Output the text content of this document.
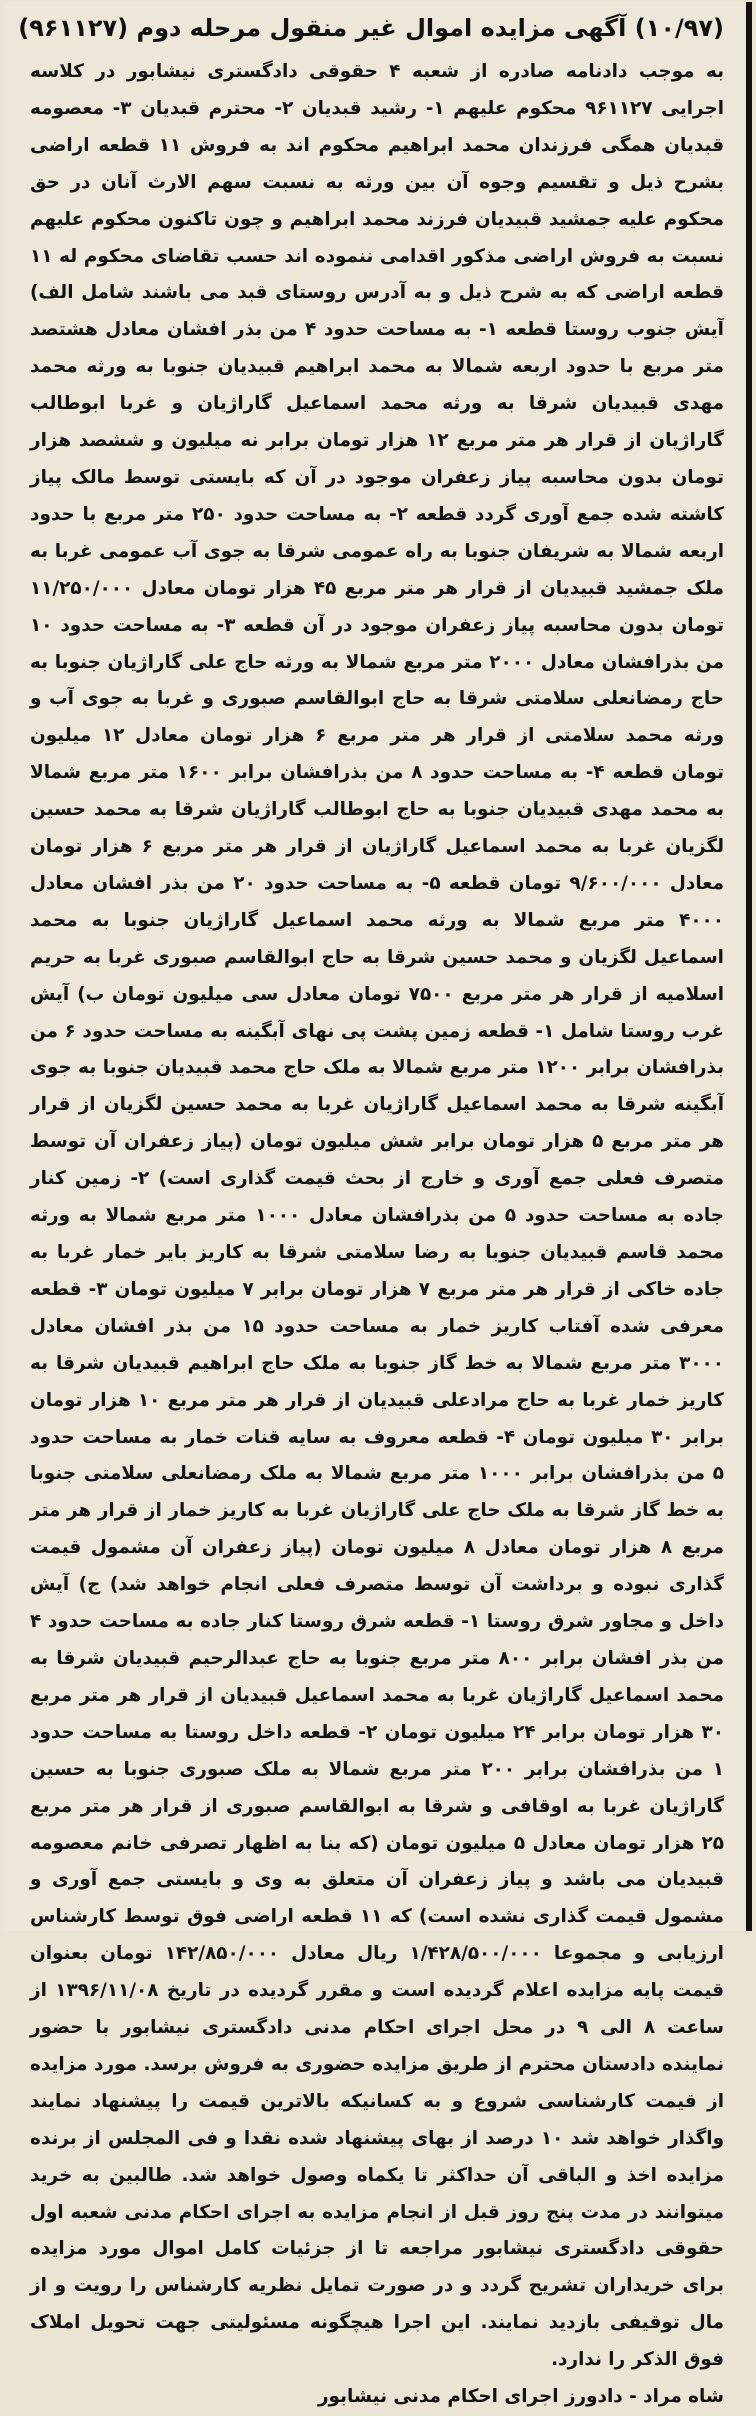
(۱۰/۹۷) آگهی مزایده اموال غیر منقول مرحله دوم (۹۶۱۱۲۷)

به موجب دادنامه صادره از شعبه ۴ حقوقی دادگستری نیشابور در کلاسه اجرایی ۹۶۱۱۲۷ محکوم علیهم ۱- رشید قبدیان ۲- محترم قبدیان ۳- معصومه قبدیان همگی فرزندان محمد ابراهیم محکوم اند به فروش ۱۱ قطعه اراضی بشرح ذیل و تقسیم وجوه آن بین ورثه به نسبت سهم الارث آنان در حق محکوم علیه جمشید قبیدیان فرزند محمد ابراهیم و چون تاکنون محکوم علیهم نسبت به فروش اراضی مذکور اقدامی ننموده اند حسب تقاضای محکوم له ۱۱ قطعه اراضی که به شرح ذیل و به آدرس روستای قبد می باشند شامل الف) آیش جنوب روستا قطعه ۱- به مساحت حدود ۴ من بذر افشان معادل هشتصد متر مربع با حدود اربعه شمالا به محمد ابراهیم قبیدیان جنوبا به ورثه محمد مهدی قبیدیان شرقا به ورثه محمد اسماعیل گاراژیان و غربا ابوطالب گاراژیان از قرار هر متر مربع ۱۲ هزار تومان برابر نه میلیون و ششصد هزار تومان بدون محاسبه پیاز زعفران موجود در آن که بایستی توسط مالک پیاز کاشته شده جمع آوری گردد قطعه ۲- به مساحت حدود ۲۵۰ متر مربع با حدود اربعه شمالا به شریفان جنوبا به راه عمومی شرقا به جوی آب عمومی غربا به ملک جمشید قبیدیان از قرار هر متر مربع ۴۵ هزار تومان معادل ۱۱/۲۵۰/۰۰۰ تومان بدون محاسبه پیاز زعفران موجود در آن قطعه ۳- به مساحت حدود ۱۰ من بذرافشان معادل ۲۰۰۰ متر مربع شمالا به ورثه حاج علی گاراژیان جنوبا به حاج رمضانعلی سلامتی شرقا به حاج ابوالقاسم صبوری و غربا به جوی آب و ورثه محمد سلامتی از قرار هر متر مربع ۶ هزار تومان معادل ۱۲ میلیون تومان قطعه ۴- به مساحت حدود ۸ من بذرافشان برابر ۱۶۰۰ متر مربع شمالا به محمد مهدی قبیدیان جنوبا به حاج ابوطالب گاراژیان شرقا به محمد حسین لگزیان غربا به محمد اسماعیل گاراژیان از قرار هر متر مربع ۶ هزار تومان معادل ۹/۶۰۰/۰۰۰ تومان قطعه ۵- به مساحت حدود ۲۰ من بذر افشان معادل ۴۰۰۰ متر مربع شمالا به ورثه محمد اسماعیل گاراژیان جنوبا به محمد اسماعیل لگزیان و محمد حسین شرقا به حاج ابوالقاسم صبوری غربا به حریم اسلامیه از قرار هر متر مربع ۷۵۰۰ تومان معادل سی میلیون تومان ب) آیش غرب روستا شامل ۱- قطعه زمین پشت پی نهای آبگینه به مساحت حدود ۶ من بذرافشان برابر ۱۲۰۰ متر مربع شمالا به ملک حاج محمد قبیدیان جنوبا به جوی آبگینه شرقا به محمد اسماعیل گاراژیان غربا به محمد حسین لگزیان از قرار هر متر مربع ۵ هزار تومان برابر شش میلیون تومان (پیاز زعفران آن توسط متصرف فعلی جمع آوری و خارج از بحث قیمت گذاری است) ۲- زمین کنار جاده به مساحت حدود ۵ من بذرافشان معادل ۱۰۰۰ متر مربع شمالا به ورثه محمد قاسم قبیدیان جنوبا به رضا سلامتی شرقا به کاریز بایر خمار غربا به جاده خاکی از قرار هر متر مربع ۷ هزار تومان برابر ۷ میلیون تومان ۳- قطعه معرفی شده آفتاب کاریز خمار به مساحت حدود ۱۵ من بذر افشان معادل ۳۰۰۰ متر مربع شمالا به خط گاز جنوبا به ملک حاج ابراهیم قبیدیان شرقا به کاریز خمار غربا به حاج مرادعلی قبیدیان از قرار هر متر مربع ۱۰ هزار تومان برابر ۳۰ میلیون تومان ۴- قطعه معروف به سایه قنات خمار به مساحت حدود ۵ من بذرافشان برابر ۱۰۰۰ متر مربع شمالا به ملک رمضانعلی سلامتی جنوبا به خط گاز شرقا به ملک حاج علی گاراژیان غربا به کاریز خمار از قرار هر متر مربع ۸ هزار تومان معادل ۸ میلیون تومان (پیاز زعفران آن مشمول قیمت گذاری نبوده و برداشت آن توسط متصرف فعلی انجام خواهد شد) ج) آیش داخل و مجاور شرق روستا ۱- قطعه شرق روستا کنار جاده به مساحت حدود ۴ من بذر افشان برابر ۸۰۰ متر مربع جنوبا به حاج عبدالرحیم قبیدیان شرقا به محمد اسماعیل گاراژیان غربا به محمد اسماعیل قبیدیان از قرار هر متر مربع ۳۰ هزار تومان برابر ۲۴ میلیون تومان ۲- قطعه داخل روستا به مساحت حدود ۱ من بذرافشان برابر ۲۰۰ متر مربع شمالا به ملک صبوری جنوبا به حسین گاراژیان غربا به اوقافی و شرقا به ابوالقاسم صبوری از قرار هر متر مربع ۲۵ هزار تومان معادل ۵ میلیون تومان (که بنا به اظهار تصرفی خانم معصومه قبیدیان می باشد و پیاز زعفران آن متعلق به وی و بایستی جمع آوری و مشمول قیمت گذاری نشده است) که ۱۱ قطعه اراضی فوق توسط کارشناس ارزیابی و مجموعا ۱/۴۲۸/۵۰۰/۰۰۰ ریال معادل ۱۴۲/۸۵۰/۰۰۰ تومان بعنوان قیمت پایه مزایده اعلام گردیده است و مقرر گردیده در تاریخ ۱۳۹۶/۱۱/۰۸ از ساعت ۸ الی ۹ در محل اجرای احکام مدنی دادگستری نیشابور با حضور نماینده دادستان محترم از طریق مزایده حضوری به فروش برسد. مورد مزایده از قیمت کارشناسی شروع و به کسانیکه بالاترین قیمت را پیشنهاد نمایند واگذار خواهد شد ۱۰ درصد از بهای پیشنهاد شده نقدا و فی المجلس از برنده مزایده اخذ و الباقی آن حداکثر تا یکماه وصول خواهد شد. طالبین به خرید میتوانند در مدت پنج روز قبل از انجام مزایده به اجرای احکام مدنی شعبه اول حقوقی دادگستری نیشابور مراجعه تا از جزئیات کامل اموال مورد مزایده برای خریداران تشریح گردد و در صورت تمایل نظریه کارشناس را رویت و از مال توقیفی بازدید نمایند. این اجرا هیچگونه مسئولیتی جهت تحویل املاک فوق الذکر را ندارد.

شاه مراد - دادورز اجرای احکام مدنی نیشابور
